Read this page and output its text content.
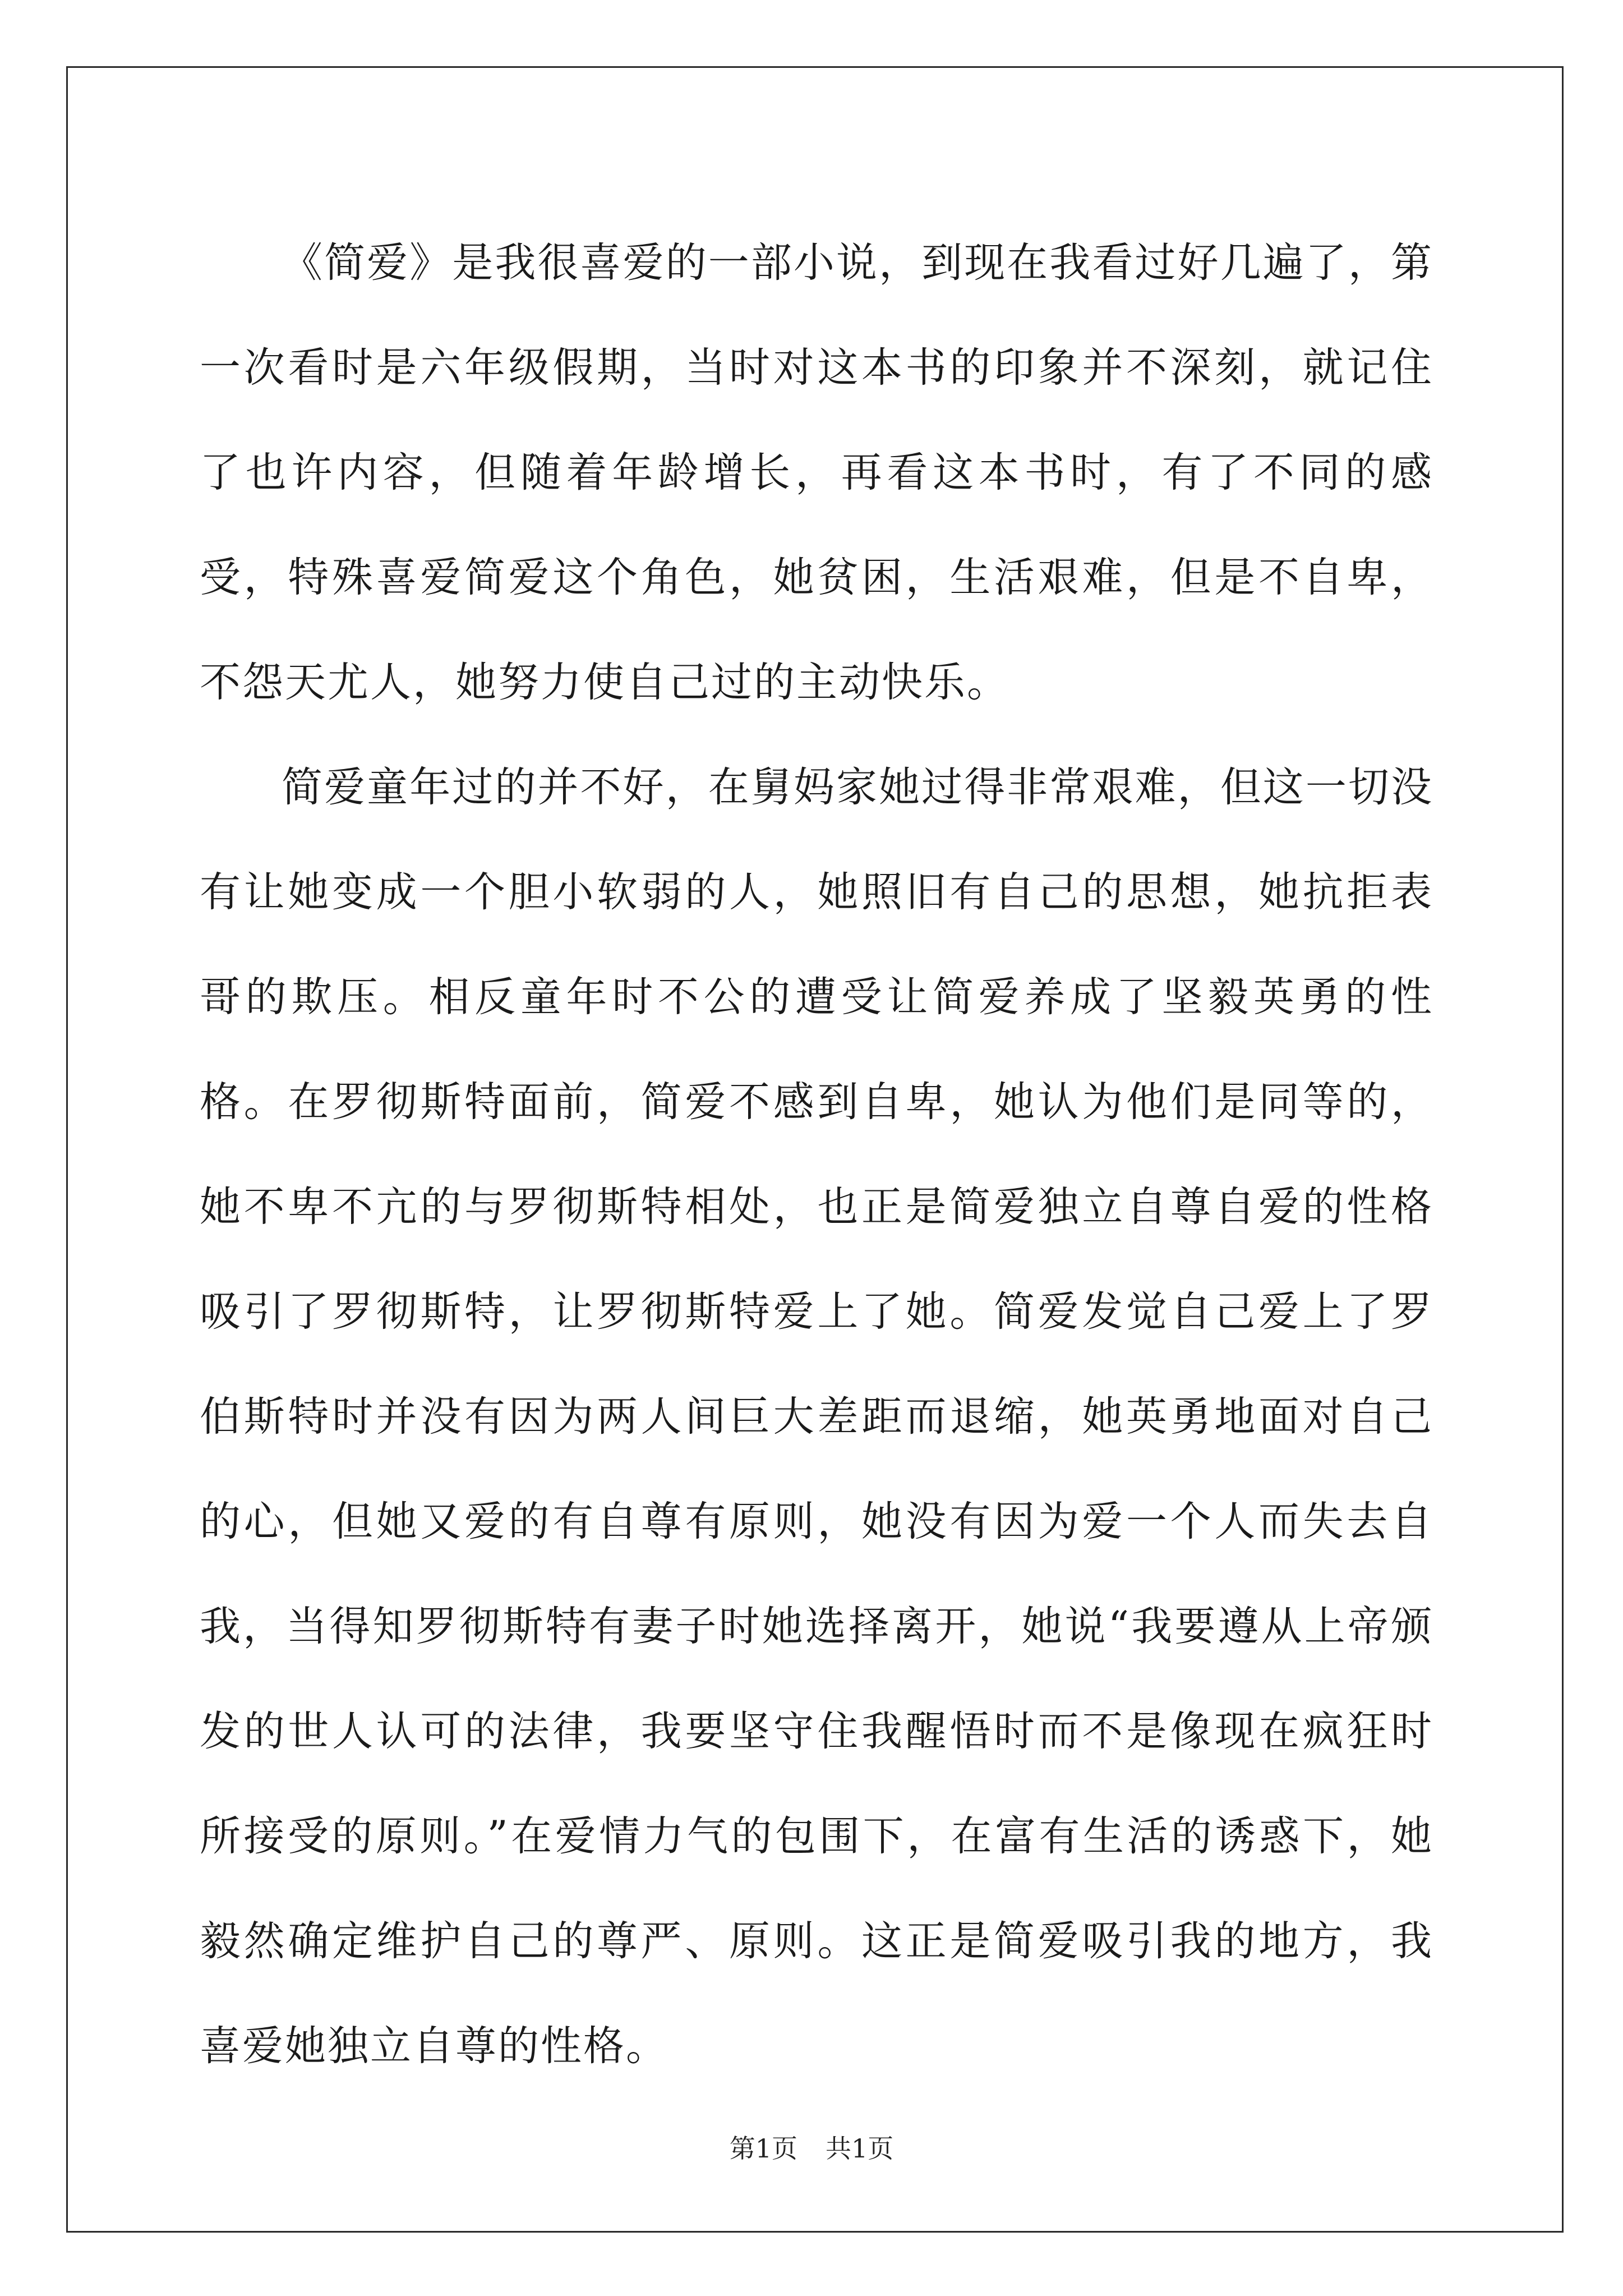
《简爱》是我很喜爱的一部小说，到现在我看过好几遍了，第一次看时是六年级假期，当时对这本书的印象并不深刻，就记住了也许内容，但随着年龄增长，再看这本书时，有了不同的感受，特殊喜爱简爱这个角色，她贫困，生活艰难，但是不自卑，不怨天尤人，她努力使自己过的主动快乐。

简爱童年过的并不好，在舅妈家她过得非常艰难，但这一切没有让她变成一个胆小软弱的人，她照旧有自己的思想，她抗拒表哥的欺压。相反童年时不公的遭受让简爱养成了坚毅英勇的性格。在罗彻斯特面前，简爱不感到自卑，她认为他们是同等的，她不卑不亢的与罗彻斯特相处，也正是简爱独立自尊自爱的性格吸引了罗彻斯特，让罗彻斯特爱上了她。简爱发觉自己爱上了罗伯斯特时并没有因为两人间巨大差距而退缩，她英勇地面对自己的心，但她又爱的有自尊有原则，她没有因为爱一个人而失去自我，当得知罗彻斯特有妻子时她选择离开，她说“我要遵从上帝颁发的世人认可的法律，我要坚守住我醒悟时而不是像现在疯狂时所接受的原则。”在爱情力气的包围下，在富有生活的诱惑下，她毅然确定维护自己的尊严、原则。这正是简爱吸引我的地方，我喜爱她独立自尊的性格。

第1页 共1页
